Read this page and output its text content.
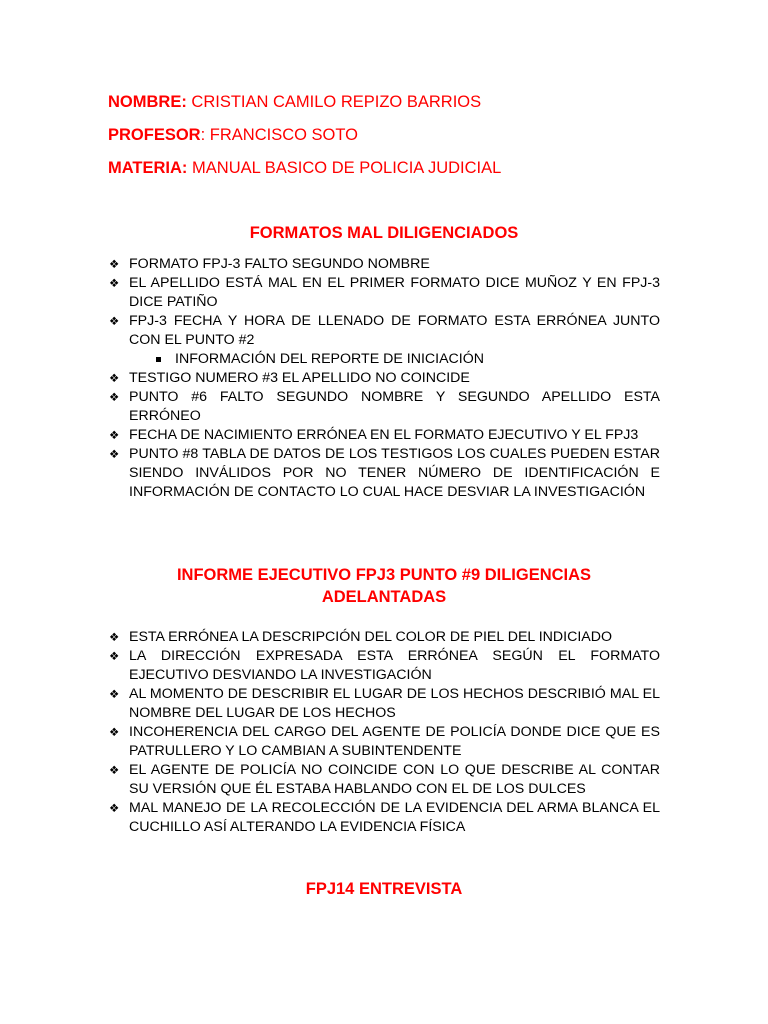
NOMBRE: CRISTIAN CAMILO REPIZO BARRIOS
PROFESOR: FRANCISCO SOTO
MATERIA: MANUAL BASICO DE POLICIA JUDICIAL
FORMATOS MAL DILIGENCIADOS
❖ FORMATO FPJ-3 FALTO SEGUNDO NOMBRE
❖ EL APELLIDO ESTÁ MAL EN EL PRIMER FORMATO DICE MUÑOZ Y EN FPJ-3 DICE PATIÑO
❖ FPJ-3 FECHA Y HORA DE LLENADO DE FORMATO ESTA ERRÓNEA JUNTO CON EL PUNTO #2
INFORMACIÓN DEL REPORTE DE INICIACIÓN
❖ TESTIGO NUMERO #3 EL APELLIDO NO COINCIDE
❖ PUNTO #6 FALTO SEGUNDO NOMBRE Y SEGUNDO APELLIDO ESTA ERRÓNEO
❖ FECHA DE NACIMIENTO ERRÓNEA EN EL FORMATO EJECUTIVO Y EL FPJ3
❖ PUNTO #8 TABLA DE DATOS DE LOS TESTIGOS LOS CUALES PUEDEN ESTAR SIENDO INVÁLIDOS POR NO TENER NÚMERO DE IDENTIFICACIÓN E INFORMACIÓN DE CONTACTO LO CUAL HACE DESVIAR LA INVESTIGACIÓN
INFORME EJECUTIVO FPJ3 PUNTO #9 DILIGENCIAS
ADELANTADAS
❖ ESTA ERRÓNEA LA DESCRIPCIÓN DEL COLOR DE PIEL DEL INDICIADO
❖ LA DIRECCIÓN EXPRESADA ESTA ERRÓNEA SEGÚN EL FORMATO EJECUTIVO DESVIANDO LA INVESTIGACIÓN
❖ AL MOMENTO DE DESCRIBIR EL LUGAR DE LOS HECHOS DESCRIBIÓ MAL EL NOMBRE DEL LUGAR DE LOS HECHOS
❖ INCOHERENCIA DEL CARGO DEL AGENTE DE POLICÍA DONDE DICE QUE ES PATRULLERO Y LO CAMBIAN A SUBINTENDENTE
❖ EL AGENTE DE POLICÍA NO COINCIDE CON LO QUE DESCRIBE AL CONTAR SU VERSIÓN QUE ÉL ESTABA HABLANDO CON EL DE LOS DULCES
❖ MAL MANEJO DE LA RECOLECCIÓN DE LA EVIDENCIA DEL ARMA BLANCA EL CUCHILLO ASÍ ALTERANDO LA EVIDENCIA FÍSICA
FPJ14 ENTREVISTA
